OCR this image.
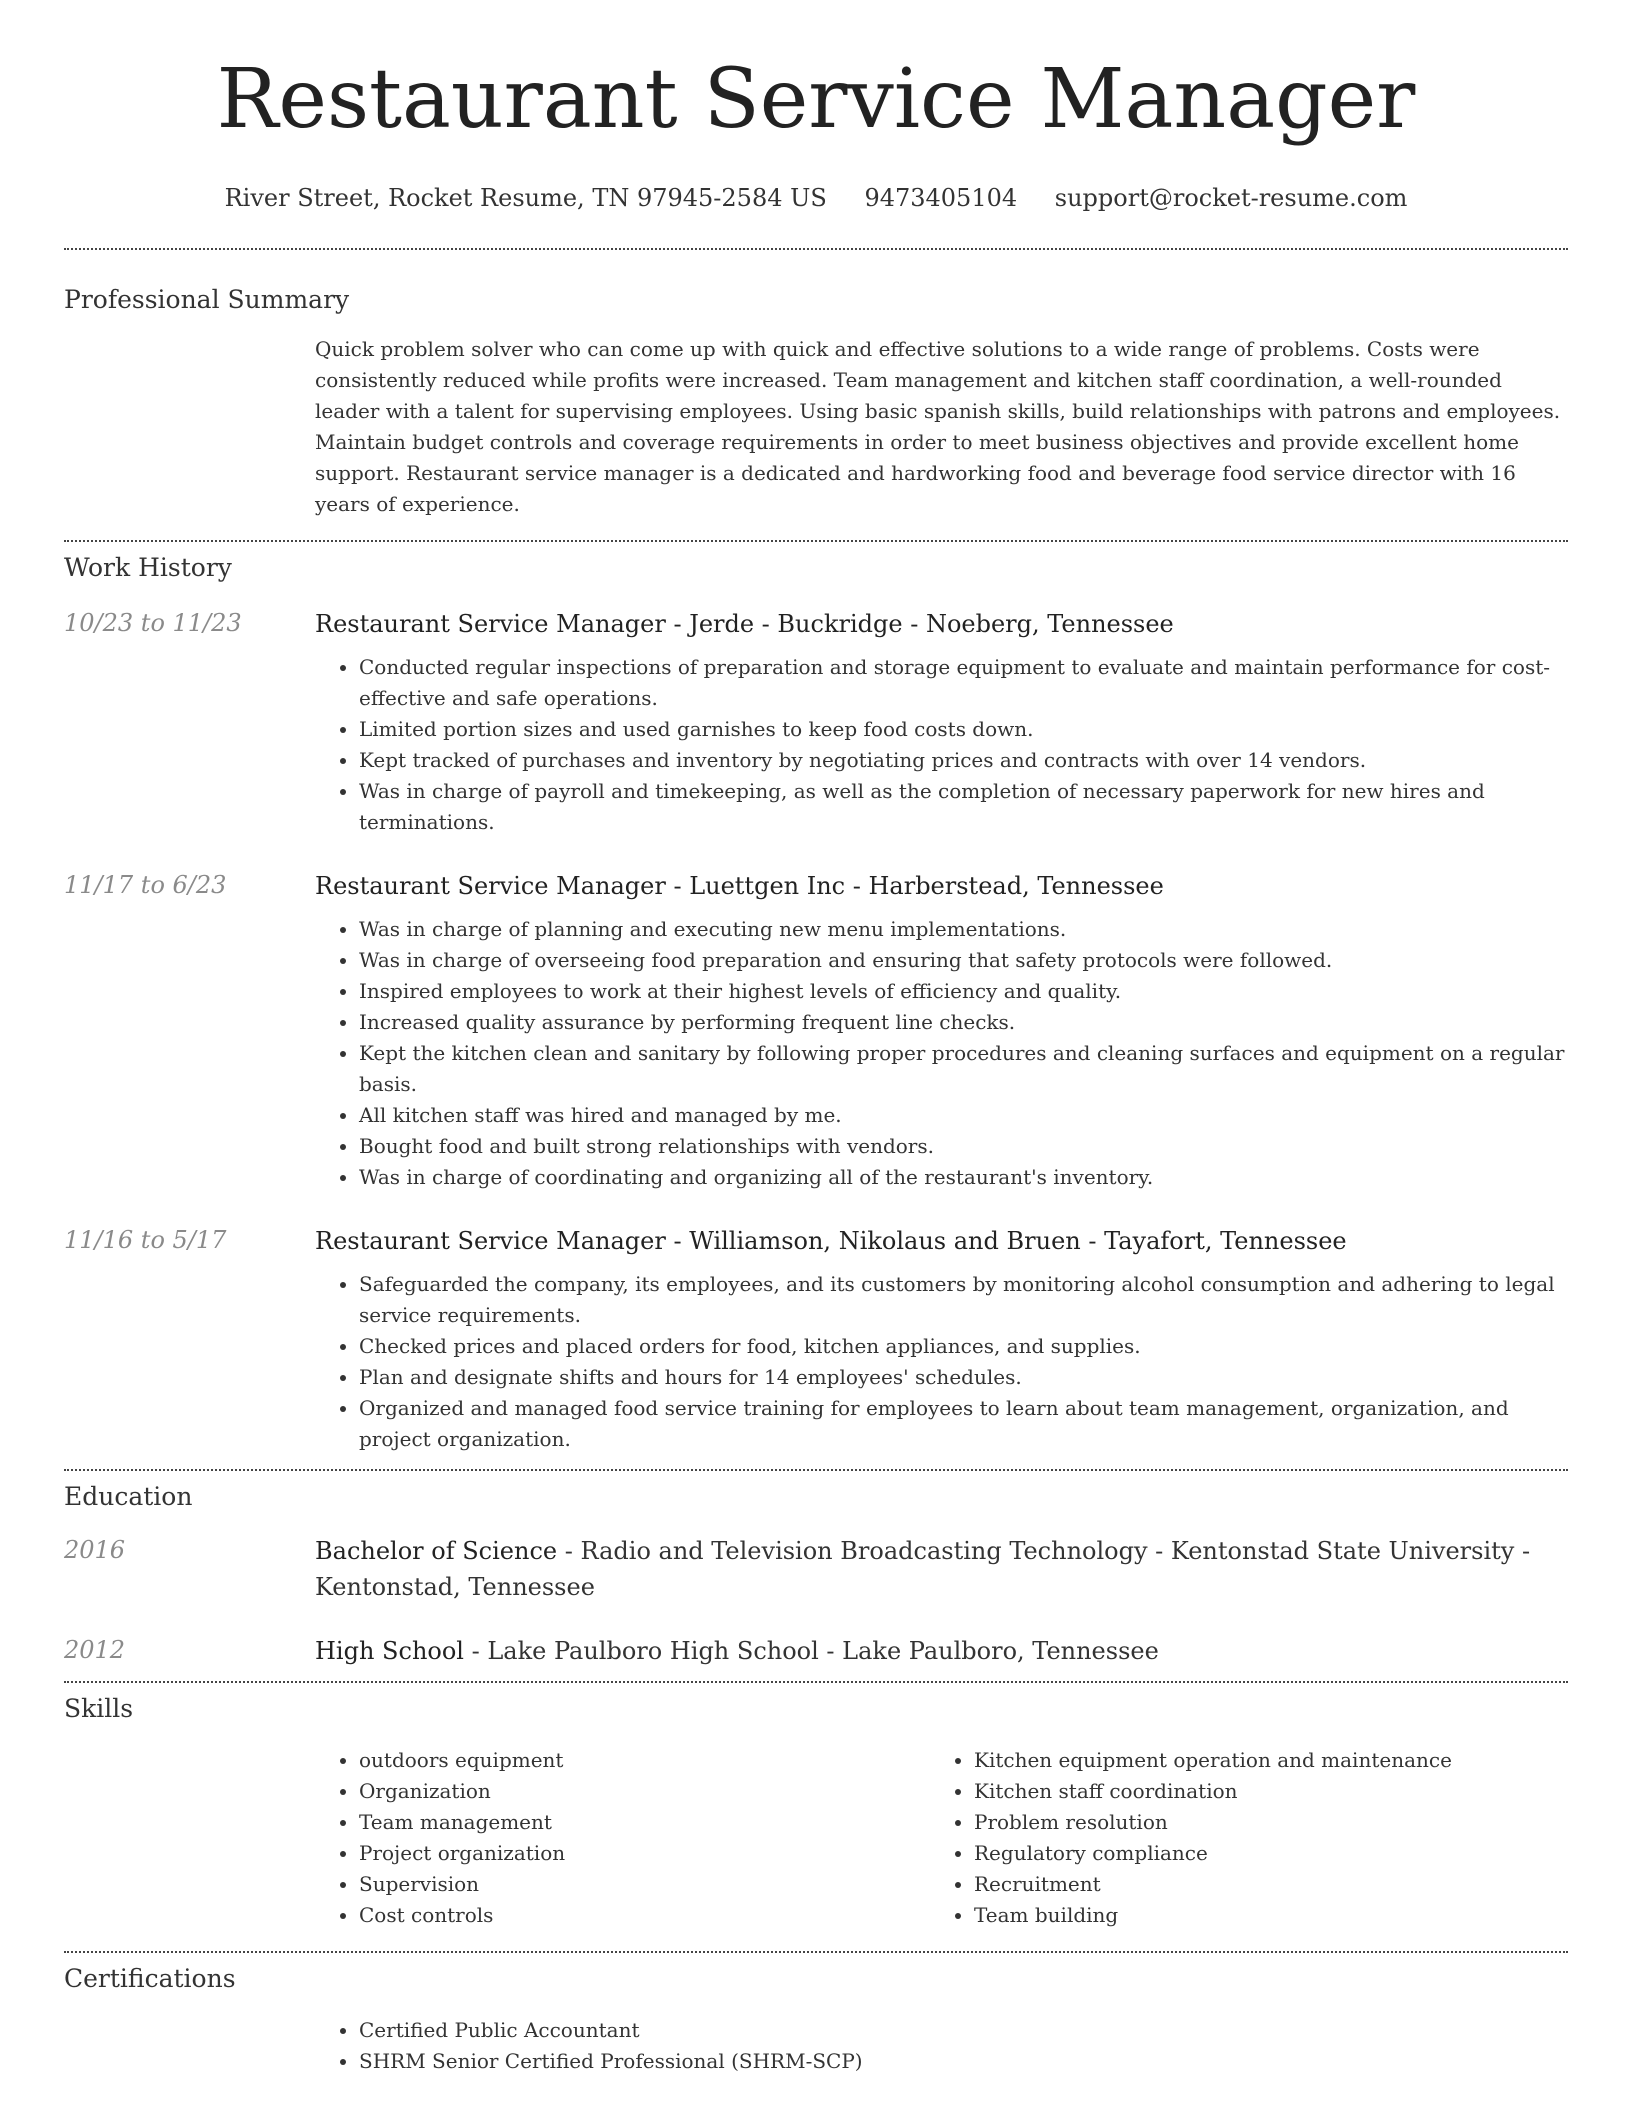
Restaurant Service Manager
River Street, Rocket Resume, TN 97945-2584 US 9473405104 support@rocket-resume.com
Professional Summary

Quick problem solver who can come up with quick and effective solutions to a wide range of problems. Costs were consistently reduced while profits were increased. Team management and kitchen staff coordination, a well-rounded leader with a talent for supervising employees. Using basic spanish skills, build relationships with patrons and employees. Maintain budget controls and coverage requirements in order to meet business objectives and provide excellent home support. Restaurant service manager is a dedicated and hardworking food and beverage food service director with 16 years of experience.

Work History
10/23 to 11/23	Restaurant Service Manager - Jerde - Buckridge - Noeberg, Tennessee
• Conducted regular inspections of preparation and storage equipment to evaluate and maintain performance for cost-effective and safe operations.
• Limited portion sizes and used garnishes to keep food costs down.
• Kept tracked of purchases and inventory by negotiating prices and contracts with over 14 vendors.
• Was in charge of payroll and timekeeping, as well as the completion of necessary paperwork for new hires and terminations.
11/17 to 6/23	Restaurant Service Manager - Luettgen Inc - Harberstead, Tennessee
• Was in charge of planning and executing new menu implementations.
• Was in charge of overseeing food preparation and ensuring that safety protocols were followed.
• Inspired employees to work at their highest levels of efficiency and quality.
• Increased quality assurance by performing frequent line checks.
• Kept the kitchen clean and sanitary by following proper procedures and cleaning surfaces and equipment on a regular basis.
• All kitchen staff was hired and managed by me.
• Bought food and built strong relationships with vendors.
• Was in charge of coordinating and organizing all of the restaurant's inventory.
11/16 to 5/17	Restaurant Service Manager - Williamson, Nikolaus and Bruen - Tayafort, Tennessee
• Safeguarded the company, its employees, and its customers by monitoring alcohol consumption and adhering to legal service requirements.
• Checked prices and placed orders for food, kitchen appliances, and supplies.
• Plan and designate shifts and hours for 14 employees' schedules.
• Organized and managed food service training for employees to learn about team management, organization, and project organization.
Education
2016	Bachelor of Science - Radio and Television Broadcasting Technology - Kentonstad State University - Kentonstad, Tennessee
2012	High School - Lake Paulboro High School - Lake Paulboro, Tennessee
Skills
• outdoors equipment
• Organization
• Team management
• Project organization
• Supervision
• Cost controls
• Kitchen equipment operation and maintenance
• Kitchen staff coordination
• Problem resolution
• Regulatory compliance
• Recruitment
• Team building
Certifications
• Certified Public Accountant
• SHRM Senior Certified Professional (SHRM-SCP)
